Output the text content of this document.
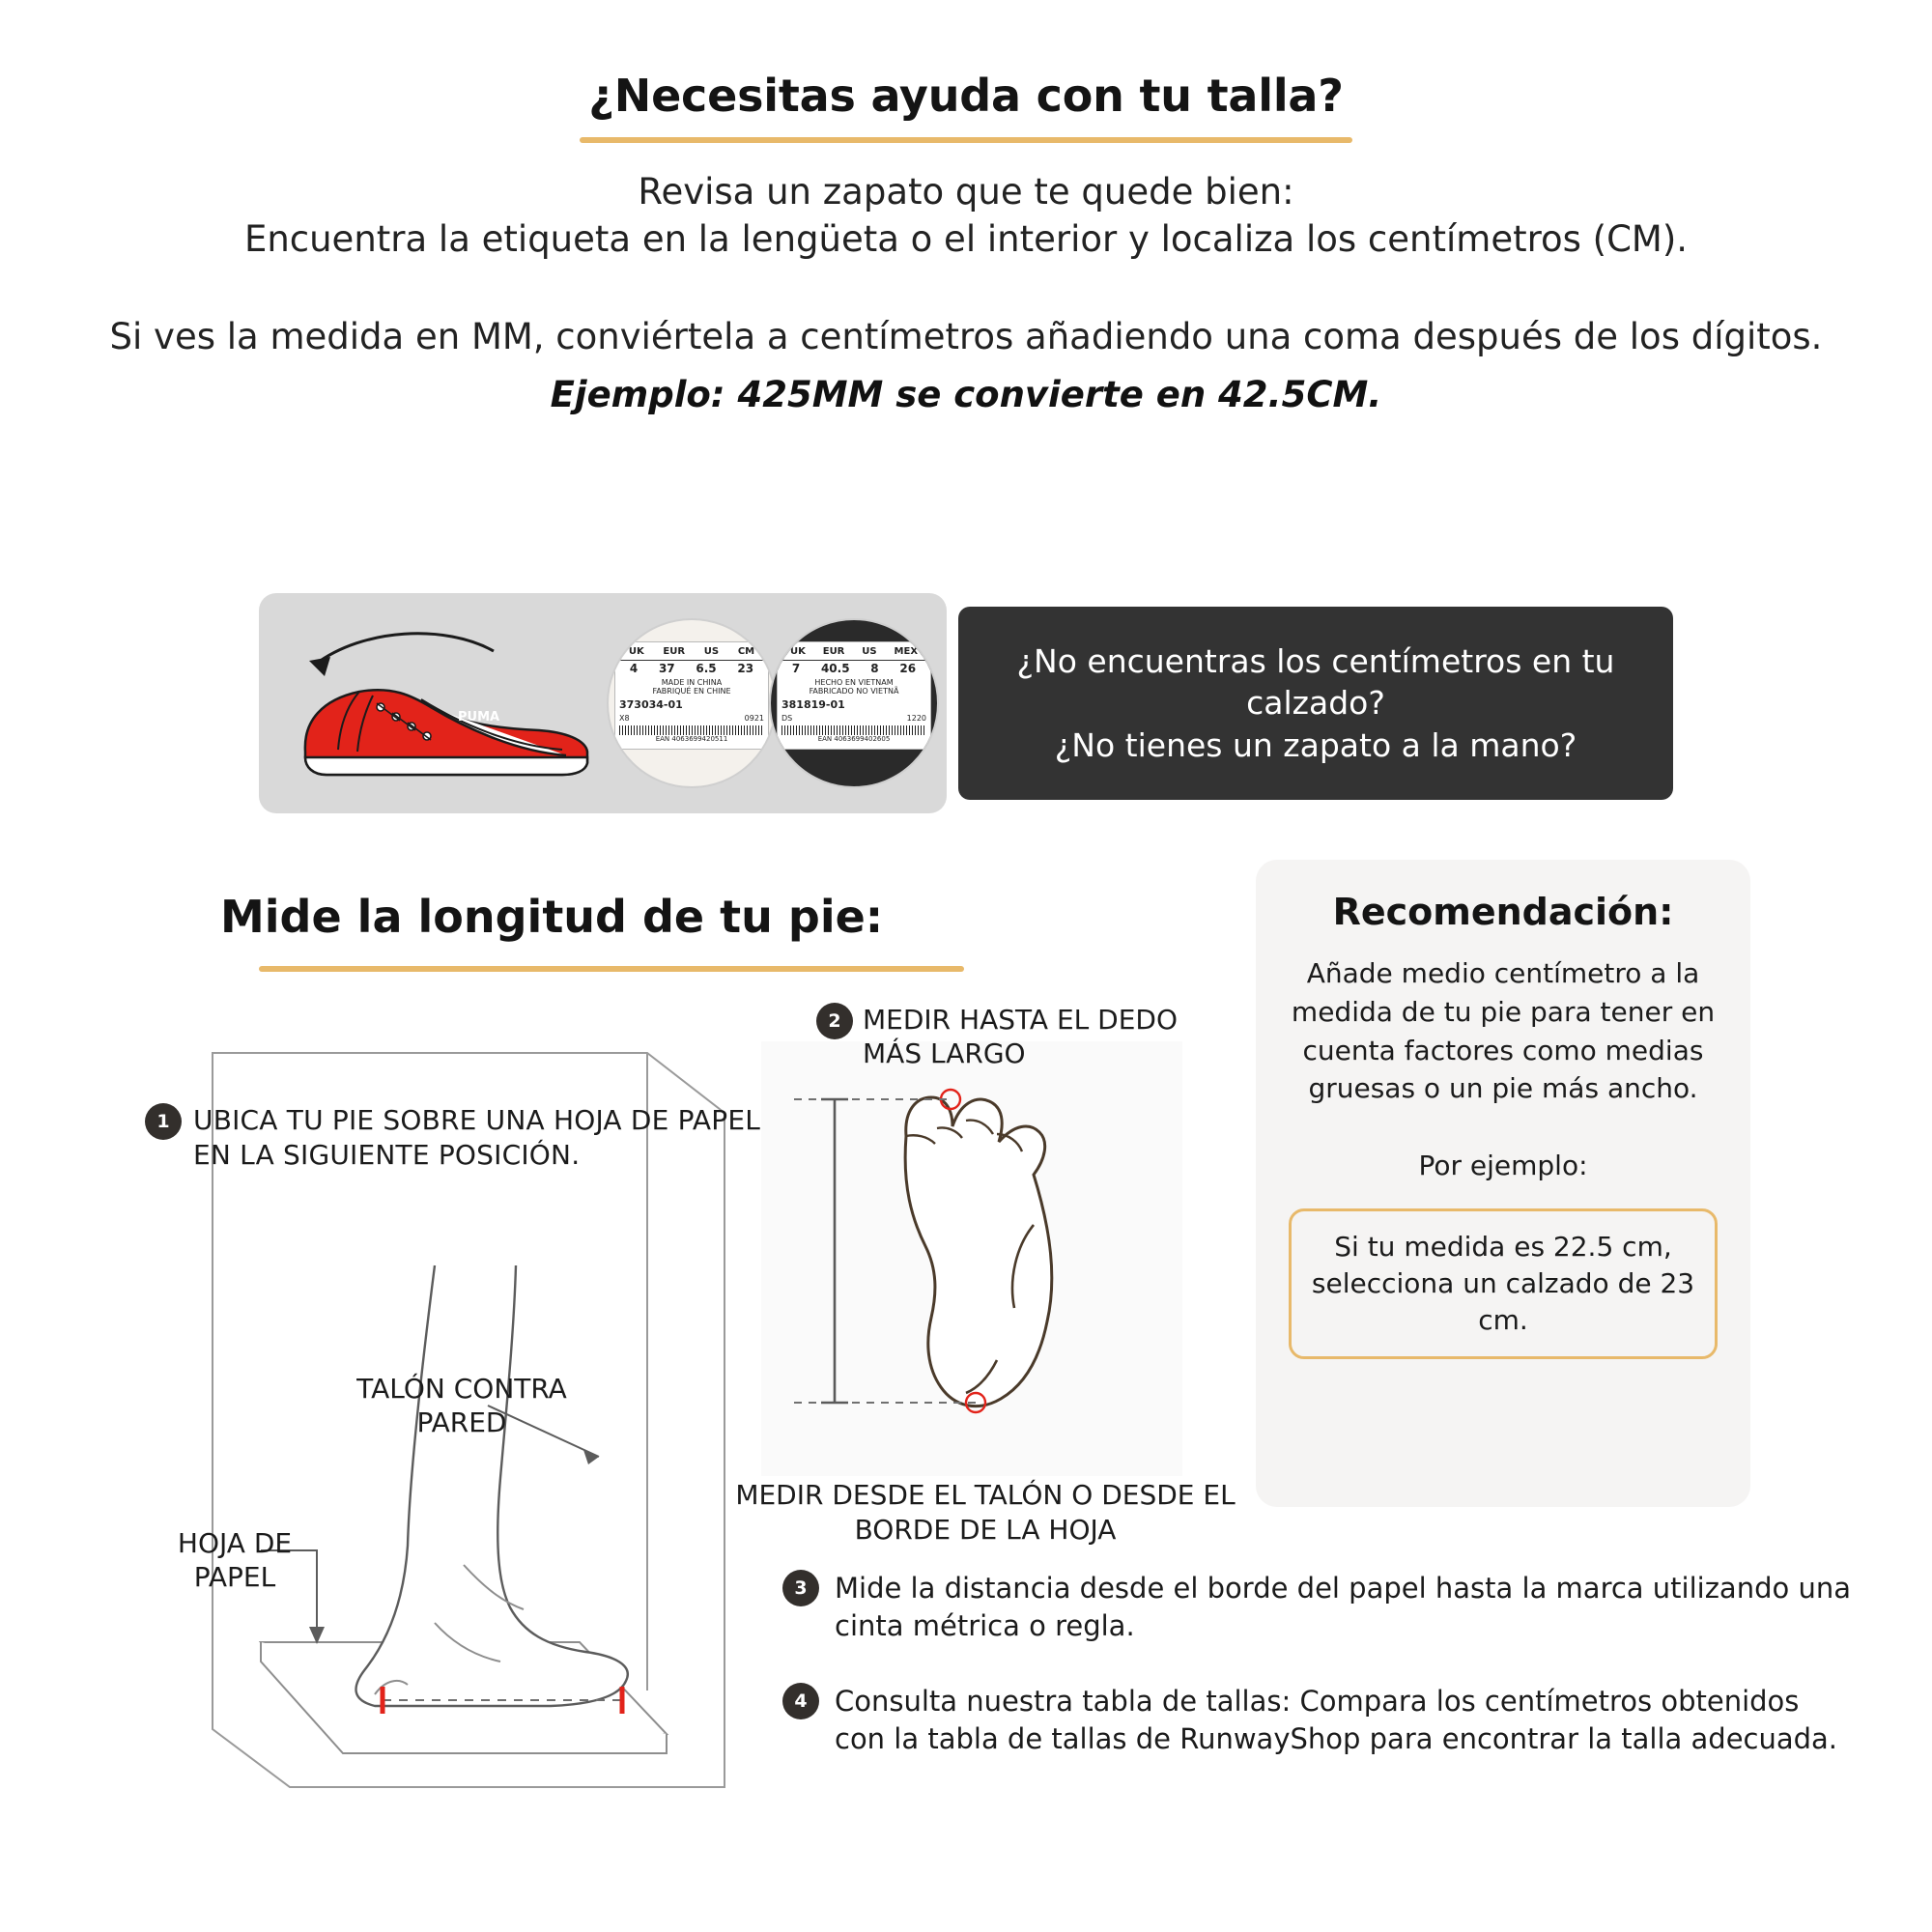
¿Necesitas ayuda con tu talla?
Revisa un zapato que te quede bien:
Encuentra la etiqueta en la lengüeta o el interior y localiza los centímetros (CM).
Si ves la medida en MM, conviértela a centímetros añadiendo una coma después de los dígitos.
Ejemplo: 425MM se convierte en 42.5CM.
PUMA
UK EUR US CM
4 37 6.5 23
MADE IN CHINA
FABRIQUÉ EN CHINE
373034-01
X8	0921
EAN 4063699420511
UK EUR US MEX
7 40.5 8 26
HECHO EN VIETNAM
FABRICADO NO VIETNÃ
381819-01
DS	1220
EAN 4063699402605
¿No encuentras los centímetros en tu calzado?
¿No tienes un zapato a la mano?
Mide la longitud de tu pie:
TALÓN CONTRA PARED
HOJA DE PAPEL
1 UBICA TU PIE SOBRE UNA HOJA DE PAPEL EN LA SIGUIENTE POSICIÓN.
2 MEDIR HASTA EL DEDO MÁS LARGO
MEDIR DESDE EL TALÓN O DESDE EL BORDE DE LA HOJA
3 Mide la distancia desde el borde del papel hasta la marca utilizando una cinta métrica o regla.
4 Consulta nuestra tabla de tallas: Compara los centímetros obtenidos con la tabla de tallas de RunwayShop para encontrar la talla adecuada.
Recomendación:

Añade medio centímetro a la medida de tu pie para tener en cuenta factores como medias gruesas o un pie más ancho.

Por ejemplo:

Si tu medida es 22.5 cm, selecciona un calzado de 23 cm.
